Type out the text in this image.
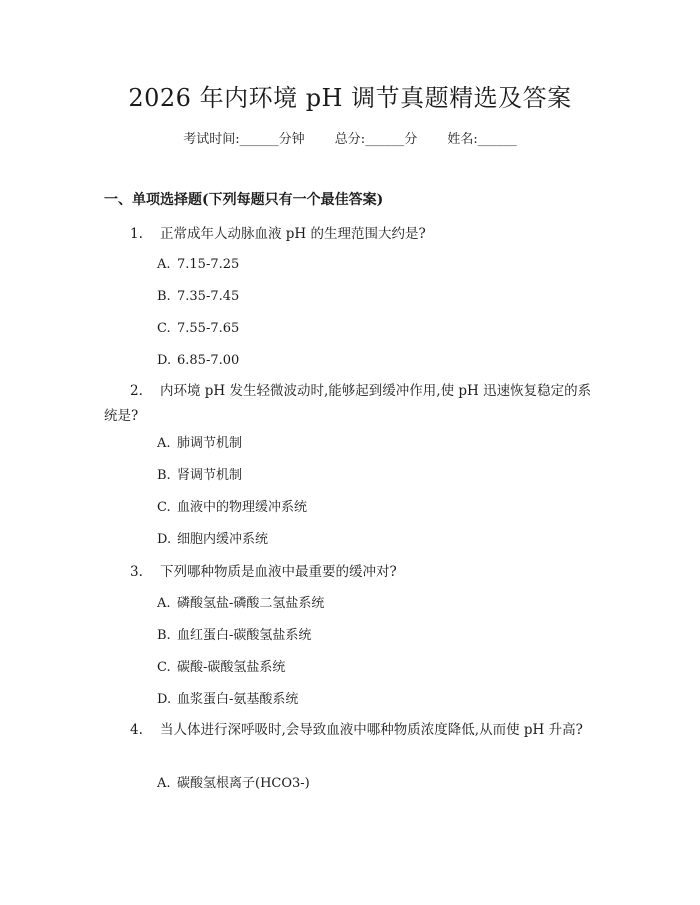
2026 年内环境 pH 调节真题精选及答案
考试时间:______分钟 总分:______分 姓名:______
一、单项选择题(下列每题只有一个最佳答案)
1. 正常成年人动脉血液 pH 的生理范围大约是?
A. 7.15-7.25
B. 7.35-7.45
C. 7.55-7.65
D. 6.85-7.00
2. 内环境 pH 发生轻微波动时,能够起到缓冲作用,使 pH 迅速恢复稳定的系统是?
A. 肺调节机制
B. 肾调节机制
C. 血液中的物理缓冲系统
D. 细胞内缓冲系统
3. 下列哪种物质是血液中最重要的缓冲对?
A. 磷酸氢盐-磷酸二氢盐系统
B. 血红蛋白-碳酸氢盐系统
C. 碳酸-碳酸氢盐系统
D. 血浆蛋白-氨基酸系统
4. 当人体进行深呼吸时,会导致血液中哪种物质浓度降低,从而使 pH 升高?
A. 碳酸氢根离子(HCO3-)
